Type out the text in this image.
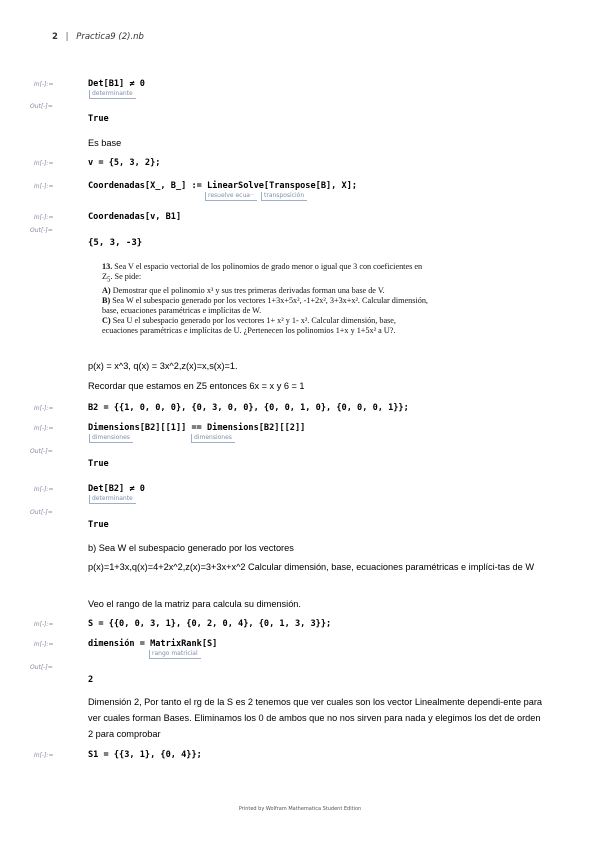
2 | Practica9 (2).nb
In[-]:=	Det[B1] ≠ 0
determinante
Out[-]=
True
Es base
In[-]:=	v = {5, 3, 2};
In[-]:=	Coordenadas[X_, B_] := LinearSolve[Transpose[B], X];
resuelve ecua··	transposición
In[-]:=	Coordenadas[v, B1]
Out[-]=
{5, 3, -3}

13. Sea V el espacio vectorial de los polinomios de grado menor o igual que 3 con coeficientes en $Z_5$. Se pide:

A) Demostrar que el polinomio x³ y sus tres primeras derivadas forman una base de V.

B) Sea W el subespacio generado por los vectores 1+3x+5x², -1+2x², 3+3x+x². Calcular dimensión, base, ecuaciones paramétricas e implícitas de W.

C) Sea U el subespacio generado por los vectores 1+ x² y 1- x². Calcular dimensión, base, ecuaciones paramétricas e implícitas de U. ¿Pertenecen los polinomios 1+x y 1+5x² a U?.

p(x) = x^3, q(x) = 3x^2,z(x)=x,s(x)=1.
Recordar que estamos en Z5 entonces 6x = x y 6 = 1
In[-]:=	B2 = {{1, 0, 0, 0}, {0, 3, 0, 0}, {0, 0, 1, 0}, {0, 0, 0, 1}};
In[-]:=	Dimensions[B2][[1]] == Dimensions[B2][[2]]
dimensiones	dimensiones
Out[-]=
True
In[-]:=	Det[B2] ≠ 0
determinante
Out[-]=
True
b) Sea W el subespacio generado por los vectores
p(x)=1+3x,q(x)=4+2x^2,z(x)=3+3x+x^2 Calcular dimensión, base, ecuaciones paramétricas e implíci-tas de W
Veo el rango de la matriz para calcula su dimensión.
In[-]:=	S = {{0, 0, 3, 1}, {0, 2, 0, 4}, {0, 1, 3, 3}};
In[-]:=	dimensión = MatrixRank[S]
rango matricial
Out[-]=
2
Dimensión 2, Por tanto el rg de la S es 2 tenemos que ver cuales son los vector Linealmente dependi-ente para ver cuales forman Bases. Eliminamos los 0 de ambos que no nos sirven para nada y elegimos los det de orden 2 para comprobar
In[-]:=	S1 = {{3, 1}, {0, 4}};
Printed by Wolfram Mathematica Student Edition
